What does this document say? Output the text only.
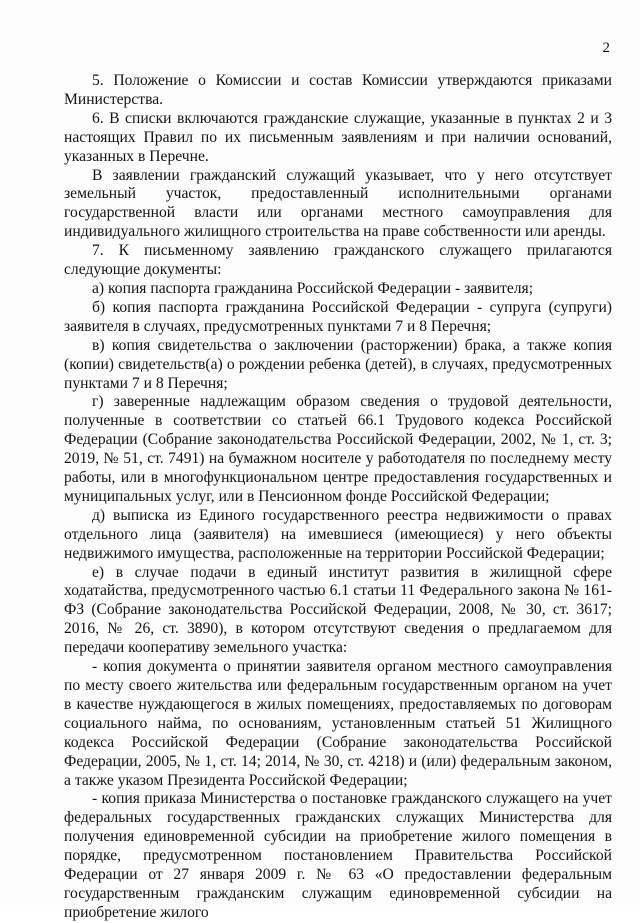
2

5. Положение о Комиссии и состав Комиссии утверждаются приказами Министерства.

6. В списки включаются гражданские служащие, указанные в пунктах 2 и 3 настоящих Правил по их письменным заявлениям и при наличии оснований, указанных в Перечне.

В заявлении гражданский служащий указывает, что у него отсутствует земельный участок, предоставленный исполнительными органами государственной власти или органами местного самоуправления для индивидуального жилищного строительства на праве собственности или аренды.

7. К письменному заявлению гражданского служащего прилагаются следующие документы:

а) копия паспорта гражданина Российской Федерации - заявителя;

б) копия паспорта гражданина Российской Федерации - супруга (супруги) заявителя в случаях, предусмотренных пунктами 7 и 8 Перечня;

в) копия свидетельства о заключении (расторжении) брака, а также копия (копии) свидетельств(а) о рождении ребенка (детей), в случаях, предусмотренных пунктами 7 и 8 Перечня;

г) заверенные надлежащим образом сведения о трудовой деятельности, полученные в соответствии со статьей 66.1 Трудового кодекса Российской Федерации (Собрание законодательства Российской Федерации, 2002, № 1, ст. 3; 2019, № 51, ст. 7491) на бумажном носителе у работодателя по последнему месту работы, или в многофункциональном центре предоставления государственных и муниципальных услуг, или в Пенсионном фонде Российской Федерации;

д) выписка из Единого государственного реестра недвижимости о правах отдельного лица (заявителя) на имевшиеся (имеющиеся) у него объекты недвижимого имущества, расположенные на территории Российской Федерации;

е) в случае подачи в единый институт развития в жилищной сфере ходатайства, предусмотренного частью 6.1 статьи 11 Федерального закона № 161-ФЗ (Собрание законодательства Российской Федерации, 2008, № 30, ст. 3617; 2016, № 26, ст. 3890), в котором отсутствуют сведения о предлагаемом для передачи кооперативу земельного участка:

- копия документа о принятии заявителя органом местного самоуправления по месту своего жительства или федеральным государственным органом на учет в качестве нуждающегося в жилых помещениях, предоставляемых по договорам социального найма, по основаниям, установленным статьей 51 Жилищного кодекса Российской Федерации (Собрание законодательства Российской Федерации, 2005, № 1, ст. 14; 2014, № 30, ст. 4218) и (или) федеральным законом, а также указом Президента Российской Федерации;

- копия приказа Министерства о постановке гражданского служащего на учет федеральных государственных гражданских служащих Министерства для получения единовременной субсидии на приобретение жилого помещения в порядке, предусмотренном постановлением Правительства Российской Федерации от 27 января 2009 г. № 63 «О предоставлении федеральным государственным гражданским служащим единовременной субсидии на приобретение жилого
